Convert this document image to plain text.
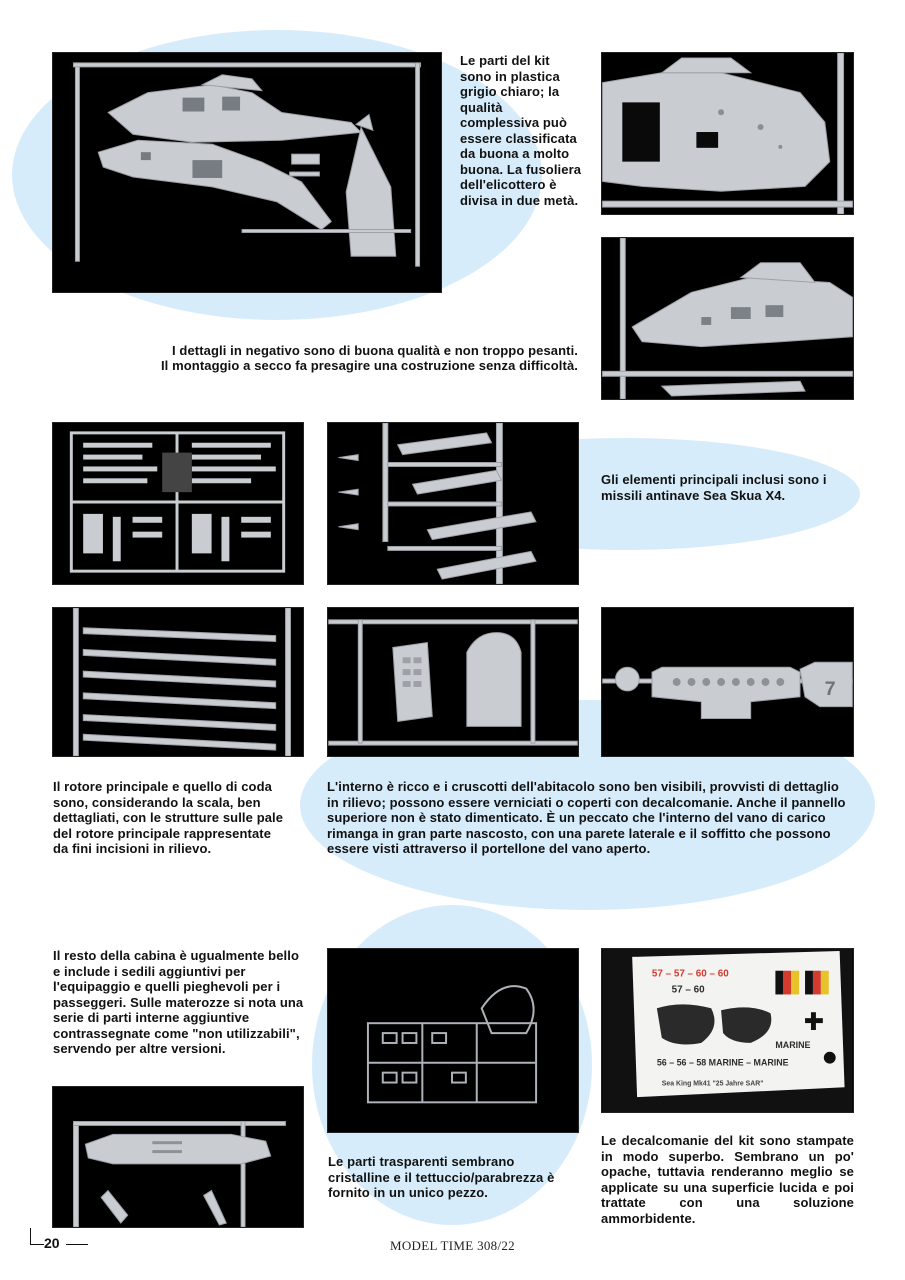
Le parti del kit sono in plastica grigio chiaro; la qualità complessiva può essere classificata da buona a molto buona. La fusoliera dell'elicottero è divisa in due metà.

I dettagli in negativo sono di buona qualità e non troppo pesanti.

Il montaggio a secco fa presagire una costruzione senza difficoltà.

Gli elementi principali inclusi sono i missili antinave Sea Skua X4.

7

Il rotore principale e quello di coda sono, considerando la scala, ben dettagliati, con le strutture sulle pale del rotore principale rappresentate da fini incisioni in rilievo.

L'interno è ricco e i cruscotti dell'abitacolo sono ben visibili, provvisti di dettaglio in rilievo; possono essere verniciati o coperti con decalcomanie. Anche il pannello superiore non è stato dimenticato. È un peccato che l'interno del vano di carico rimanga in gran parte nascosto, con una parete laterale e il soffitto che possono essere visti attraverso il portellone del vano aperto.

Il resto della cabina è ugualmente bello e include i sedili aggiuntivi per l'equipaggio e quelli pieghevoli per i passeggeri. Sulle materozze si nota una serie di parti interne aggiuntive contrassegnate come "non utilizzabili", servendo per altre versioni.

57 – 57 – 60 – 60
57 – 60
56 – 56 – 58 MARINE – MARINE
MARINE
Sea King Mk41 "25 Jahre SAR"

Le parti trasparenti sembrano cristalline e il tettuccio/parabrezza è fornito in un unico pezzo.

Le decalcomanie del kit sono stampate in modo superbo. Sembrano un po' opache, tuttavia renderanno meglio se applicate su una superficie lucida e poi trattate con una soluzione ammorbidente.

20	MODEL TIME 308/22
